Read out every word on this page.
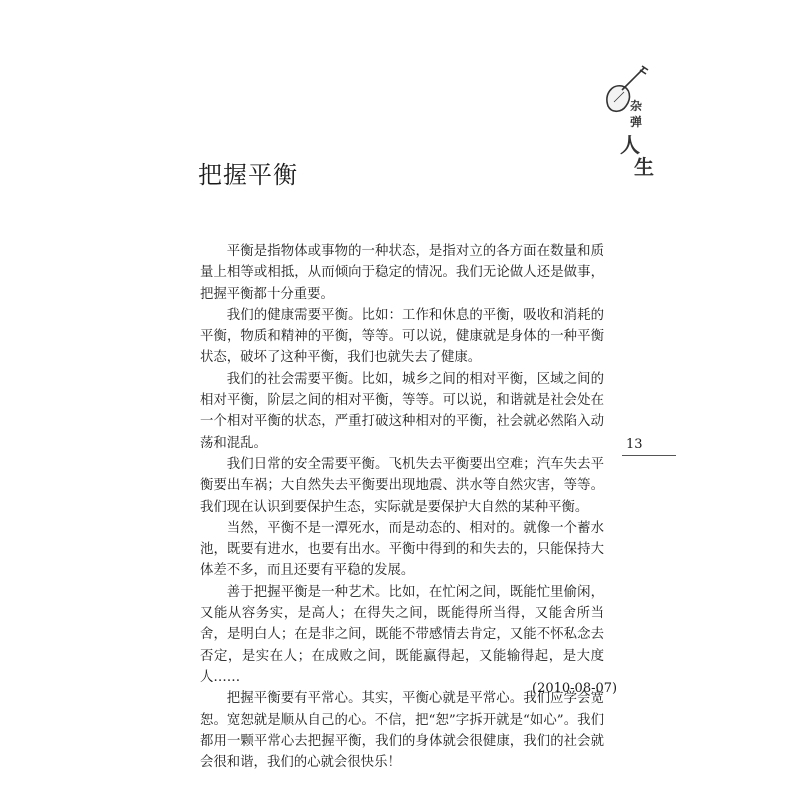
杂
弹
人
生
把握平衡

平衡是指物体或事物的一种状态，是指对立的各方面在数量和质量上相等或相抵，从而倾向于稳定的情况。我们无论做人还是做事，把握平衡都十分重要。

我们的健康需要平衡。比如：工作和休息的平衡，吸收和消耗的平衡，物质和精神的平衡，等等。可以说，健康就是身体的一种平衡状态，破坏了这种平衡，我们也就失去了健康。

我们的社会需要平衡。比如，城乡之间的相对平衡，区域之间的相对平衡，阶层之间的相对平衡，等等。可以说，和谐就是社会处在一个相对平衡的状态，严重打破这种相对的平衡，社会就必然陷入动荡和混乱。

我们日常的安全需要平衡。飞机失去平衡要出空难；汽车失去平衡要出车祸；大自然失去平衡要出现地震、洪水等自然灾害，等等。我们现在认识到要保护生态，实际就是要保护大自然的某种平衡。

当然，平衡不是一潭死水，而是动态的、相对的。就像一个蓄水池，既要有进水，也要有出水。平衡中得到的和失去的，只能保持大体差不多，而且还要有平稳的发展。

善于把握平衡是一种艺术。比如，在忙闲之间，既能忙里偷闲，又能从容务实，是高人；在得失之间，既能得所当得，又能舍所当舍，是明白人；在是非之间，既能不带感情去肯定，又能不怀私念去否定，是实在人；在成败之间，既能赢得起，又能输得起，是大度人……

把握平衡要有平常心。其实，平衡心就是平常心。我们应学会宽恕。宽恕就是顺从自己的心。不信，把“恕”字拆开就是“如心”。我们都用一颗平常心去把握平衡，我们的身体就会很健康，我们的社会就会很和谐，我们的心就会很快乐！

(2010-08-07)
13
